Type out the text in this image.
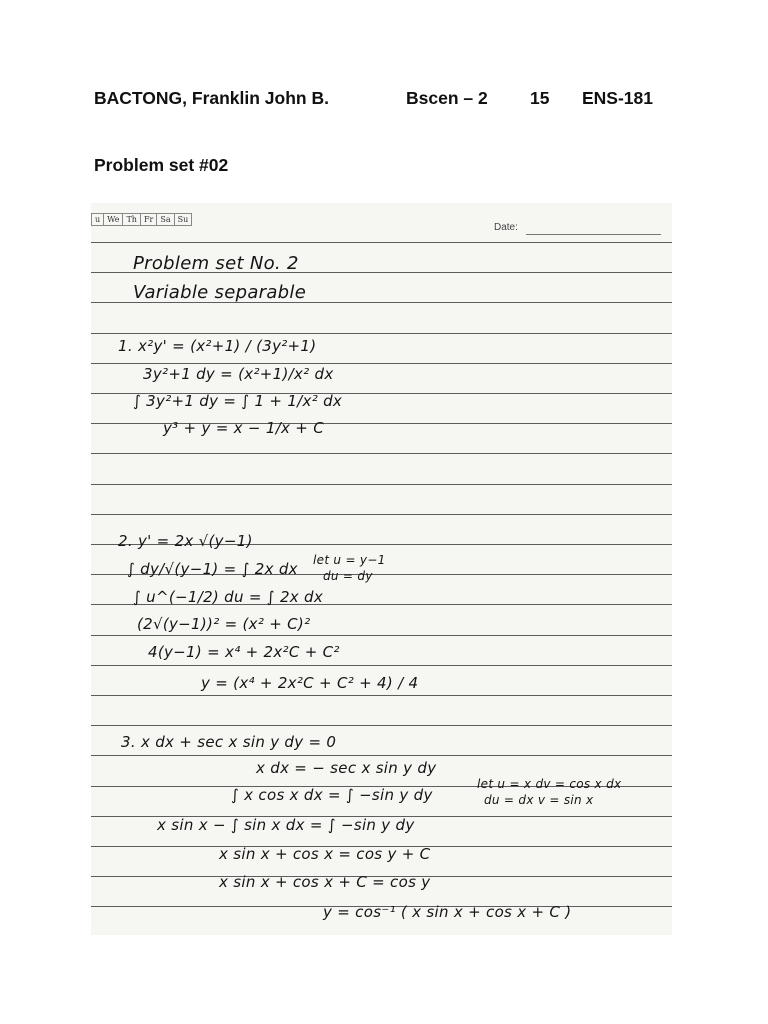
BACTONG, Franklin John B.	Bscen – 2 15 ENS-181
Problem set #02
u We Th Fr Sa Su
Date:
Problem set No. 2
Variable separable
1. x²y' = (x²+1) / (3y²+1)
3y²+1 dy = (x²+1)/x² dx
∫ 3y²+1 dy = ∫ 1 + 1/x² dx
y³ + y = x − 1/x + C
2. y' = 2x √(y−1)
∫ dy/√(y−1) = ∫ 2x dx let u = y−1
du = dy
∫ u^(−1/2) du = ∫ 2x dx
(2√(y−1))² = (x² + C)²
4(y−1) = x⁴ + 2x²C + C²
y = (x⁴ + 2x²C + C² + 4) / 4
3. x dx + sec x sin y dy = 0
x dx = − sec x sin y dy
∫ x cos x dx = ∫ −sin y dy
let u = x dv = cos x dx
du = dx v = sin x
x sin x − ∫ sin x dx = ∫ −sin y dy
x sin x + cos x = cos y + C
x sin x + cos x + C = cos y
y = cos⁻¹ ( x sin x + cos x + C )
